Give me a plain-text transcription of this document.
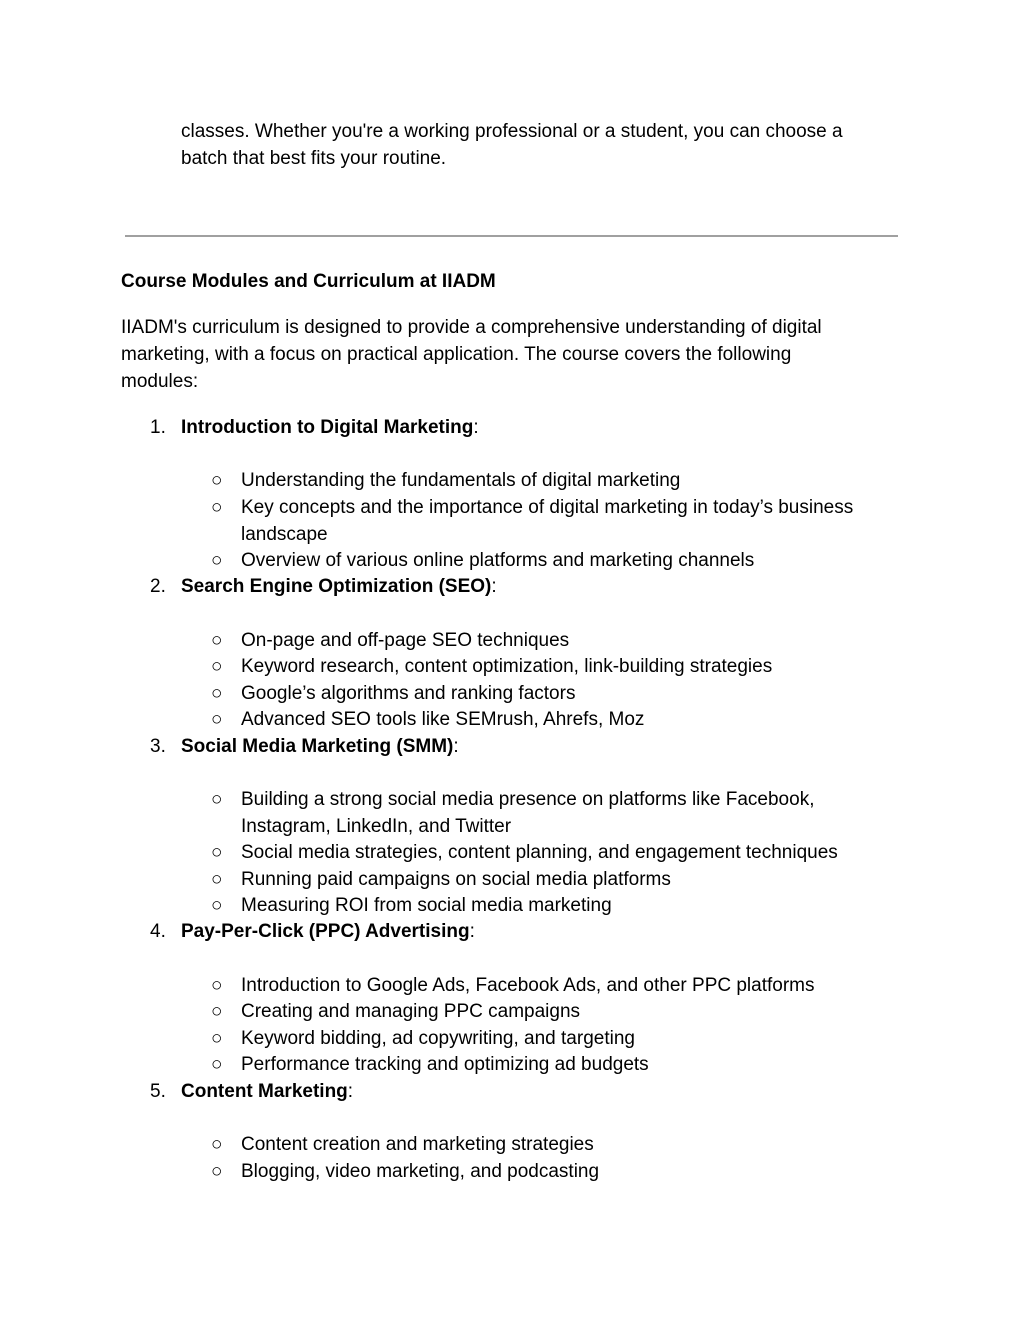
classes. Whether you're a working professional or a student, you can choose a
batch that best fits your routine.
Course Modules and Curriculum at IIADM
IIADM's curriculum is designed to provide a comprehensive understanding of digital
marketing, with a focus on practical application. The course covers the following
modules:
1. Introduction to Digital Marketing:
○ Understanding the fundamentals of digital marketing
○ Key concepts and the importance of digital marketing in today’s business
landscape
○ Overview of various online platforms and marketing channels
2. Search Engine Optimization (SEO):
○ On-page and off-page SEO techniques
○ Keyword research, content optimization, link-building strategies
○ Google’s algorithms and ranking factors
○ Advanced SEO tools like SEMrush, Ahrefs, Moz
3. Social Media Marketing (SMM):
○ Building a strong social media presence on platforms like Facebook,
Instagram, LinkedIn, and Twitter
○ Social media strategies, content planning, and engagement techniques
○ Running paid campaigns on social media platforms
○ Measuring ROI from social media marketing
4. Pay-Per-Click (PPC) Advertising:
○ Introduction to Google Ads, Facebook Ads, and other PPC platforms
○ Creating and managing PPC campaigns
○ Keyword bidding, ad copywriting, and targeting
○ Performance tracking and optimizing ad budgets
5. Content Marketing:
○ Content creation and marketing strategies
○ Blogging, video marketing, and podcasting
